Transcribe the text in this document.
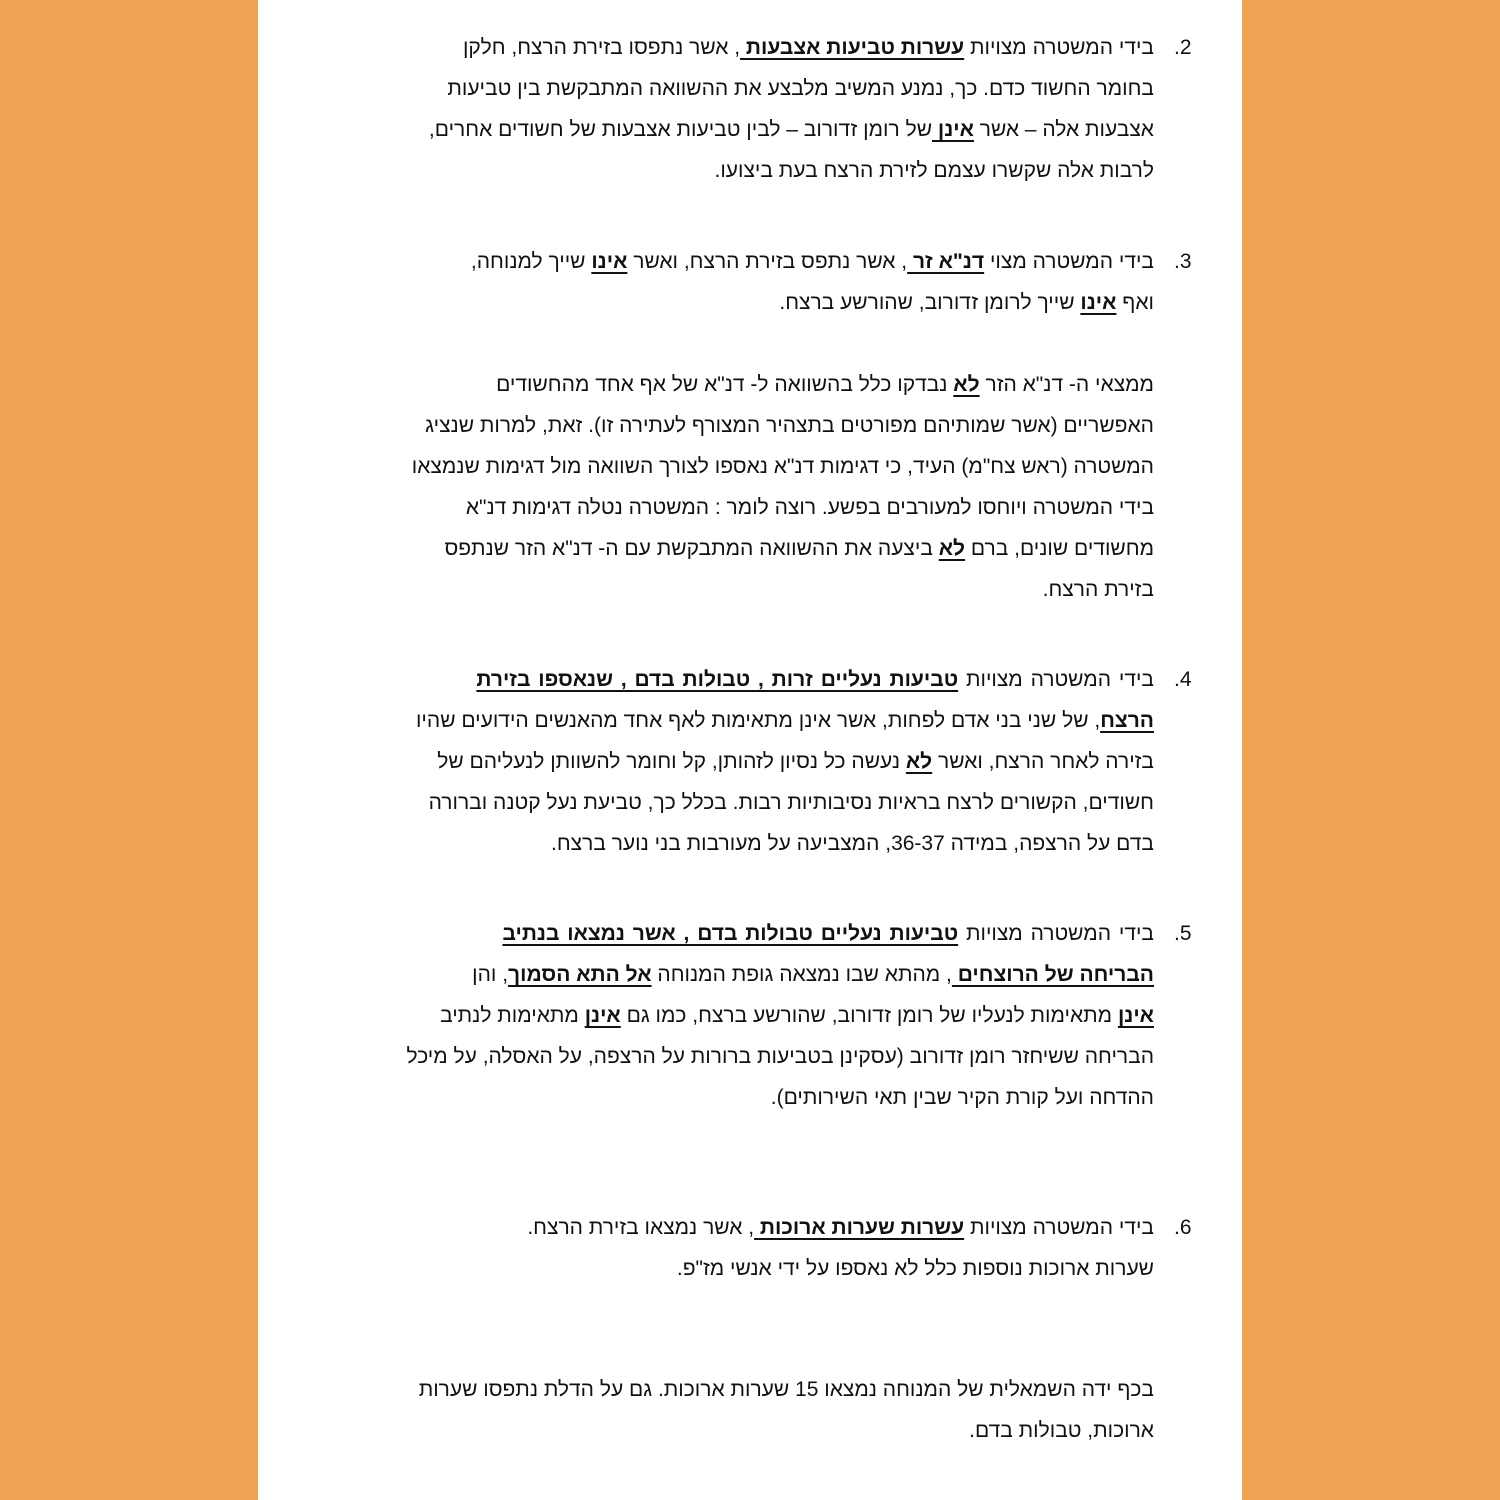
.2
בידי המשטרה מצויות עשרות טביעות אצבעות , אשר נתפסו בזירת הרצח, חלקן
בחומר החשוד כדם. כך, נמנע המשיב מלבצע את ההשוואה המתבקשת בין טביעות
אצבעות אלה – אשר אינן של רומן זדורוב – לבין טביעות אצבעות של חשודים אחרים,
לרבות אלה שקשרו עצמם לזירת הרצח בעת ביצועו.
.3
בידי המשטרה מצוי דנ"א זר , אשר נתפס בזירת הרצח, ואשר אינו שייך למנוחה,
ואף אינו שייך לרומן זדורוב, שהורשע ברצח.
ממצאי ה- דנ"א הזר לא נבדקו כלל בהשוואה ל- דנ"א של אף אחד מהחשודים
האפשריים (אשר שמותיהם מפורטים בתצהיר המצורף לעתירה זו). זאת, למרות שנציג
המשטרה (ראש צח"מ) העיד, כי דגימות דנ"א נאספו לצורך השוואה מול דגימות שנמצאו
בידי המשטרה ויוחסו למעורבים בפשע. רוצה לומר : המשטרה נטלה דגימות דנ"א
מחשודים שונים, ברם לא ביצעה את ההשוואה המתבקשת עם ה- דנ"א הזר שנתפס
בזירת הרצח.
.4
בידי המשטרה מצויות טביעות נעליים זרות , טבולות בדם , שנאספו בזירת
הרצח, של שני בני אדם לפחות, אשר אינן מתאימות לאף אחד מהאנשים הידועים שהיו
בזירה לאחר הרצח, ואשר לא נעשה כל נסיון לזהותן, קל וחומר להשוותן לנעליהם של
חשודים, הקשורים לרצח בראיות נסיבותיות רבות. בכלל כך, טביעת נעל קטנה וברורה
בדם על הרצפה, במידה 36-37, המצביעה על מעורבות בני נוער ברצח.
.5
בידי המשטרה מצויות טביעות נעליים טבולות בדם , אשר נמצאו בנתיב
הבריחה של הרוצחים , מהתא שבו נמצאה גופת המנוחה אל התא הסמוך, והן
אינן מתאימות לנעליו של רומן זדורוב, שהורשע ברצח, כמו גם אינן מתאימות לנתיב
הבריחה ששיחזר רומן זדורוב (עסקינן בטביעות ברורות על הרצפה, על האסלה, על מיכל
ההדחה ועל קורת הקיר שבין תאי השירותים).
.6
בידי המשטרה מצויות עשרות שערות ארוכות , אשר נמצאו בזירת הרצח.
שערות ארוכות נוספות כלל לא נאספו על ידי אנשי מז"פ.
בכף ידה השמאלית של המנוחה נמצאו 15 שערות ארוכות. גם על הדלת נתפסו שערות
ארוכות, טבולות בדם.
